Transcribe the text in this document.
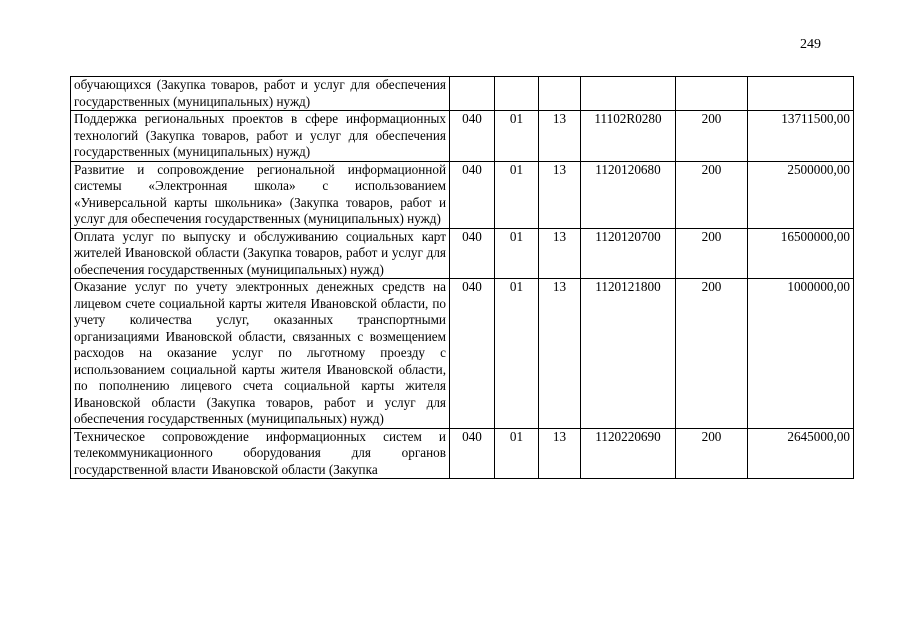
249
обучающихся (Закупка товаров, работ и услуг для обеспечения государственных (муниципальных) нужд)						
Поддержка региональных проектов в сфере информационных технологий (Закупка товаров, работ и услуг для обеспечения государственных (муниципальных) нужд)	040	01	13	11102R0280	200	13711500,00
Развитие и сопровождение региональной информационной системы «Электронная школа» с использованием «Универсальной карты школьника» (Закупка товаров, работ и услуг для обеспечения государственных (муниципальных) нужд)	040	01	13	1120120680	200	2500000,00
Оплата услуг по выпуску и обслуживанию социальных карт жителей Ивановской области (Закупка товаров, работ и услуг для обеспечения государственных (муниципальных) нужд)	040	01	13	1120120700	200	16500000,00
Оказание услуг по учету электронных денежных средств на лицевом счете социальной карты жителя Ивановской области, по учету количества услуг, оказанных транспортными организациями Ивановской области, связанных с возмещением расходов на оказание услуг по льготному проезду с использованием социальной карты жителя Ивановской области, по пополнению лицевого счета социальной карты жителя Ивановской области (Закупка товаров, работ и услуг для обеспечения государственных (муниципальных) нужд)	040	01	13	1120121800	200	1000000,00
Техническое сопровождение информационных систем и телекоммуникационного оборудования для органов государственной власти Ивановской области (Закупка	040	01	13	1120220690	200	2645000,00
